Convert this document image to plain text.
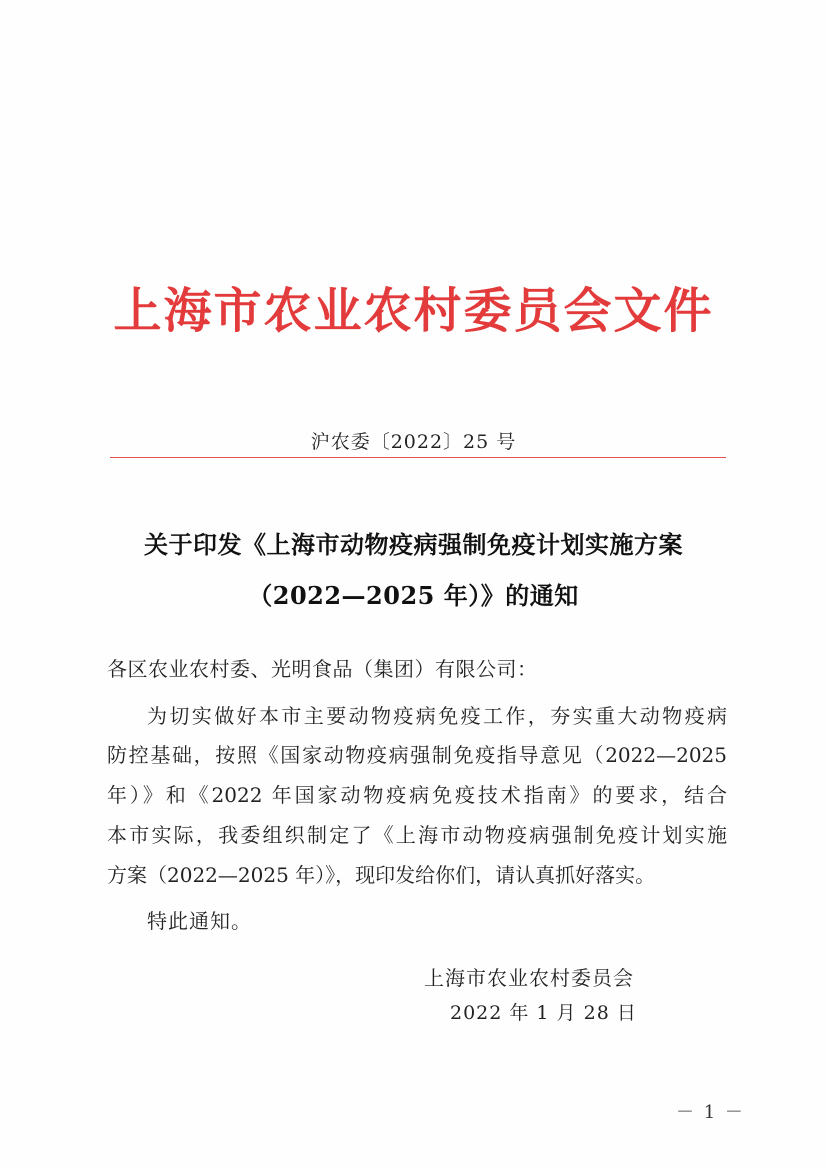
上海市农业农村委员会文件
沪农委〔2022〕25 号
关于印发《上海市动物疫病强制免疫计划实施方案
（2022—2025 年）》的通知
各区农业农村委、光明食品（集团）有限公司：
为切实做好本市主要动物疫病免疫工作，夯实重大动物疫病
防控基础，按照《国家动物疫病强制免疫指导意见（2022—2025
年）》和《2022 年国家动物疫病免疫技术指南》的要求，结合
本市实际，我委组织制定了《上海市动物疫病强制免疫计划实施
方案（2022—2025 年）》，现印发给你们，请认真抓好落实。
特此通知。
上海市农业农村委员会
2022 年 1 月 28 日
－ 1 －
